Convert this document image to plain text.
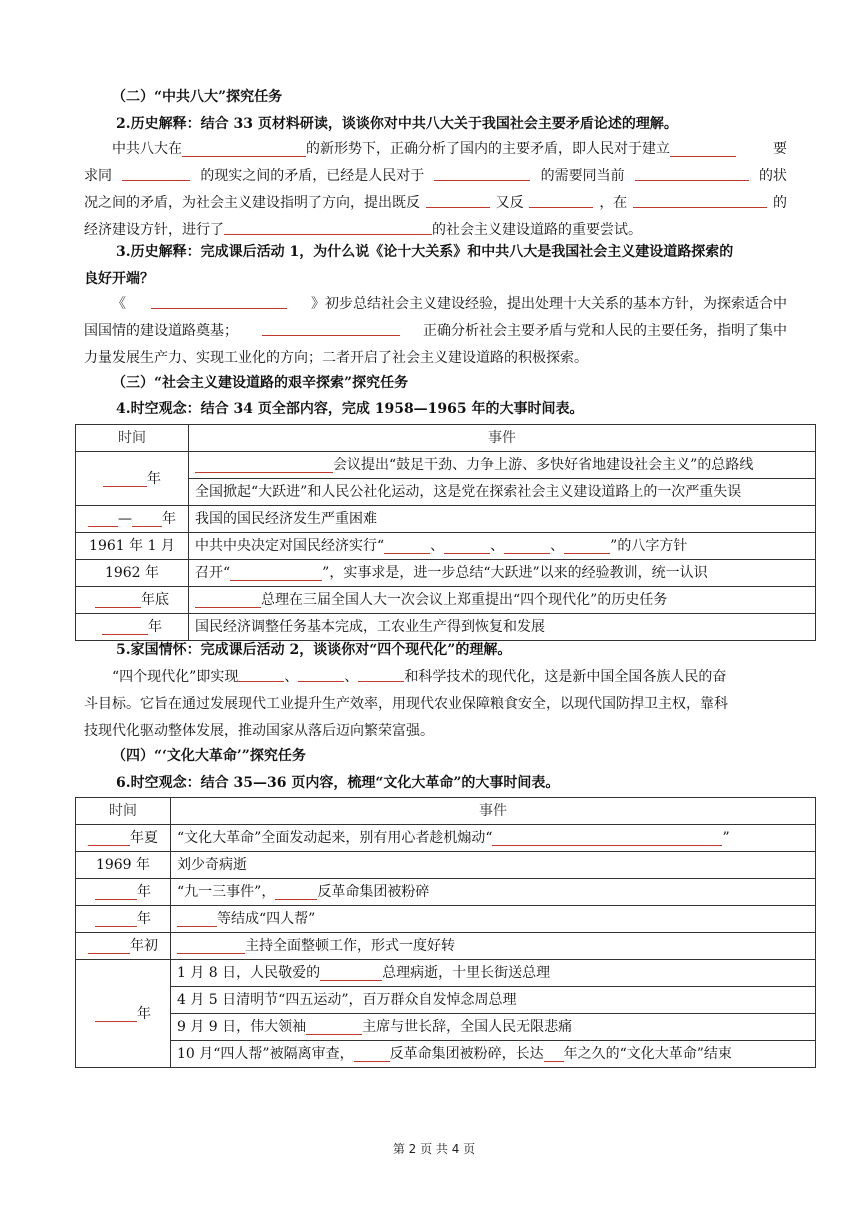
（二）“中共八大”探究任务
2.历史解释：结合 33 页材料研读，谈谈你对中共八大关于我国社会主要矛盾论述的理解。
中共八大在	的新形势下，正确分析了国内的主要矛盾，即人民对于建立	要
求同	的现实之间的矛盾，已经是人民对于	的需要同当前	的状
况之间的矛盾，为社会主义建设指明了方向，提出既反	又反	，在	的
经济建设方针，进行了	的社会主义建设道路的重要尝试。
3.历史解释：完成课后活动 1，为什么说《论十大关系》和中共八大是我国社会主义建设道路探索的
良好开端？
《	》初步总结社会主义建设经验，提出处理十大关系的基本方针，为探索适合中
国国情的建设道路奠基；	正确分析社会主要矛盾与党和人民的主要任务，指明了集中
力量发展生产力、实现工业化的方向；二者开启了社会主义建设道路的积极探索。
（三）“社会主义建设道路的艰辛探索”探究任务
4.时空观念：结合 34 页全部内容，完成 1958—1965 年的大事时间表。
时间	事件
年	会议提出“鼓足干劲、力争上游、多快好省地建设社会主义”的总路线
	全国掀起“大跃进”和人民公社化运动，这是党在探索社会主义建设道路上的一次严重失误
— 年	我国的国民经济发生严重困难
1961 年 1 月	中共中央决定对国民经济实行“ 、 、 、 ”的八字方针
1962 年	召开“ ”，实事求是，进一步总结“大跃进”以来的经验教训，统一认识
年底	总理在三届全国人大一次会议上郑重提出“四个现代化”的历史任务
年	国民经济调整任务基本完成，工农业生产得到恢复和发展
5.家国情怀：完成课后活动 2，谈谈你对“四个现代化”的理解。
“四个现代化”即实现	、	、	和科学技术的现代化，这是新中国全国各族人民的奋
斗目标。它旨在通过发展现代工业提升生产效率，用现代农业保障粮食安全，以现代国防捍卫主权，靠科
技现代化驱动整体发展，推动国家从落后迈向繁荣富强。
（四）“‘文化大革命’”探究任务
6.时空观念：结合 35—36 页内容，梳理“文化大革命”的大事时间表。
时间	事件
年夏	“文化大革命”全面发动起来，别有用心者趁机煽动“ ”
1969 年	刘少奇病逝
年	“九一三事件”， 反革命集团被粉碎
年	等结成“四人帮”
年初	主持全面整顿工作，形式一度好转
年	1 月 8 日，人民敬爱的 总理病逝，十里长街送总理
	4 月 5 日清明节“四五运动”，百万群众自发悼念周总理
	9 月 9 日，伟大领袖 主席与世长辞，全国人民无限悲痛
	10 月“四人帮”被隔离审查， 反革命集团被粉碎，长达 年之久的“文化大革命”结束
第 2 页 共 4 页
